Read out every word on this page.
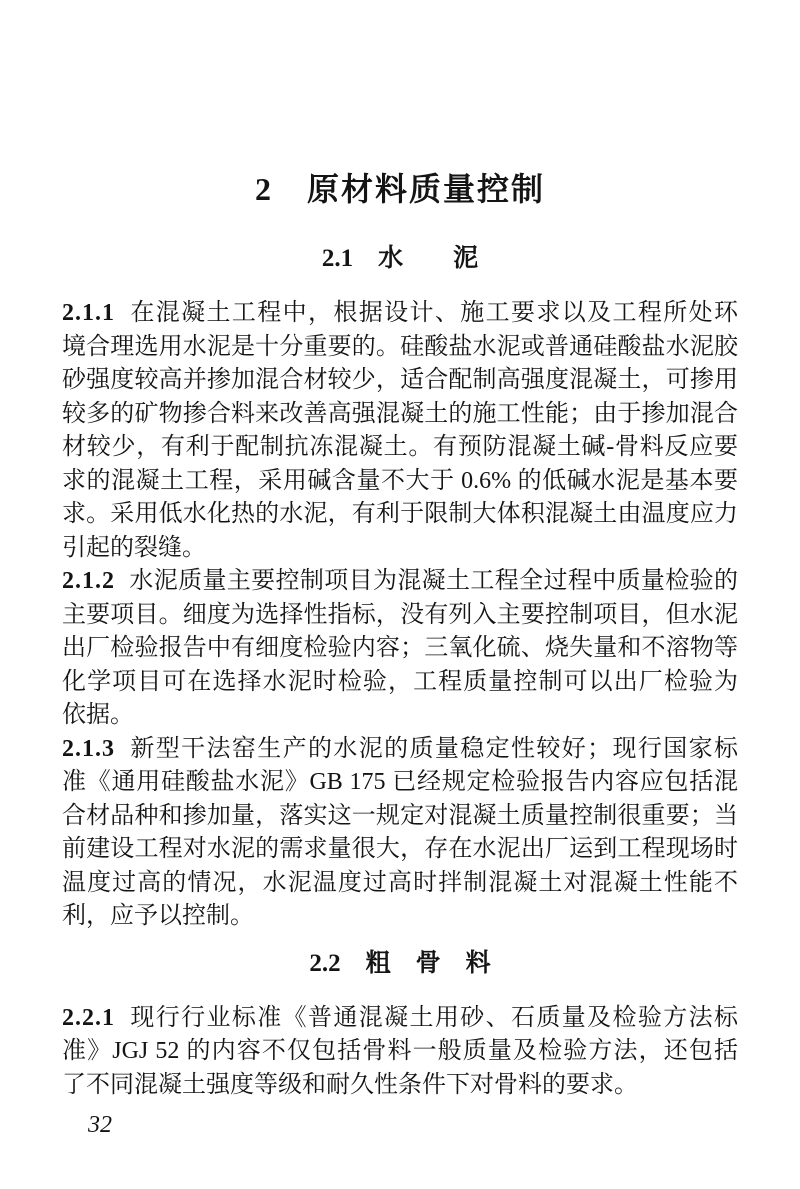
2　原材料质量控制
2.1　水　　泥
2.1.1 在混凝土工程中，根据设计、施工要求以及工程所处环
境合理选用水泥是十分重要的。硅酸盐水泥或普通硅酸盐水泥胶
砂强度较高并掺加混合材较少，适合配制高强度混凝土，可掺用
较多的矿物掺合料来改善高强混凝土的施工性能；由于掺加混合
材较少，有利于配制抗冻混凝土。有预防混凝土碱-骨料反应要
求的混凝土工程，采用碱含量不大于 0.6% 的低碱水泥是基本要
求。采用低水化热的水泥，有利于限制大体积混凝土由温度应力
引起的裂缝。
2.1.2 水泥质量主要控制项目为混凝土工程全过程中质量检验的
主要项目。细度为选择性指标，没有列入主要控制项目，但水泥
出厂检验报告中有细度检验内容；三氧化硫、烧失量和不溶物等
化学项目可在选择水泥时检验，工程质量控制可以出厂检验为
依据。
2.1.3 新型干法窑生产的水泥的质量稳定性较好；现行国家标
准《通用硅酸盐水泥》GB 175 已经规定检验报告内容应包括混
合材品种和掺加量，落实这一规定对混凝土质量控制很重要；当
前建设工程对水泥的需求量很大，存在水泥出厂运到工程现场时
温度过高的情况，水泥温度过高时拌制混凝土对混凝土性能不
利，应予以控制。
2.2　粗　骨　料
2.2.1 现行行业标准《普通混凝土用砂、石质量及检验方法标
准》JGJ 52 的内容不仅包括骨料一般质量及检验方法，还包括
了不同混凝土强度等级和耐久性条件下对骨料的要求。
32
